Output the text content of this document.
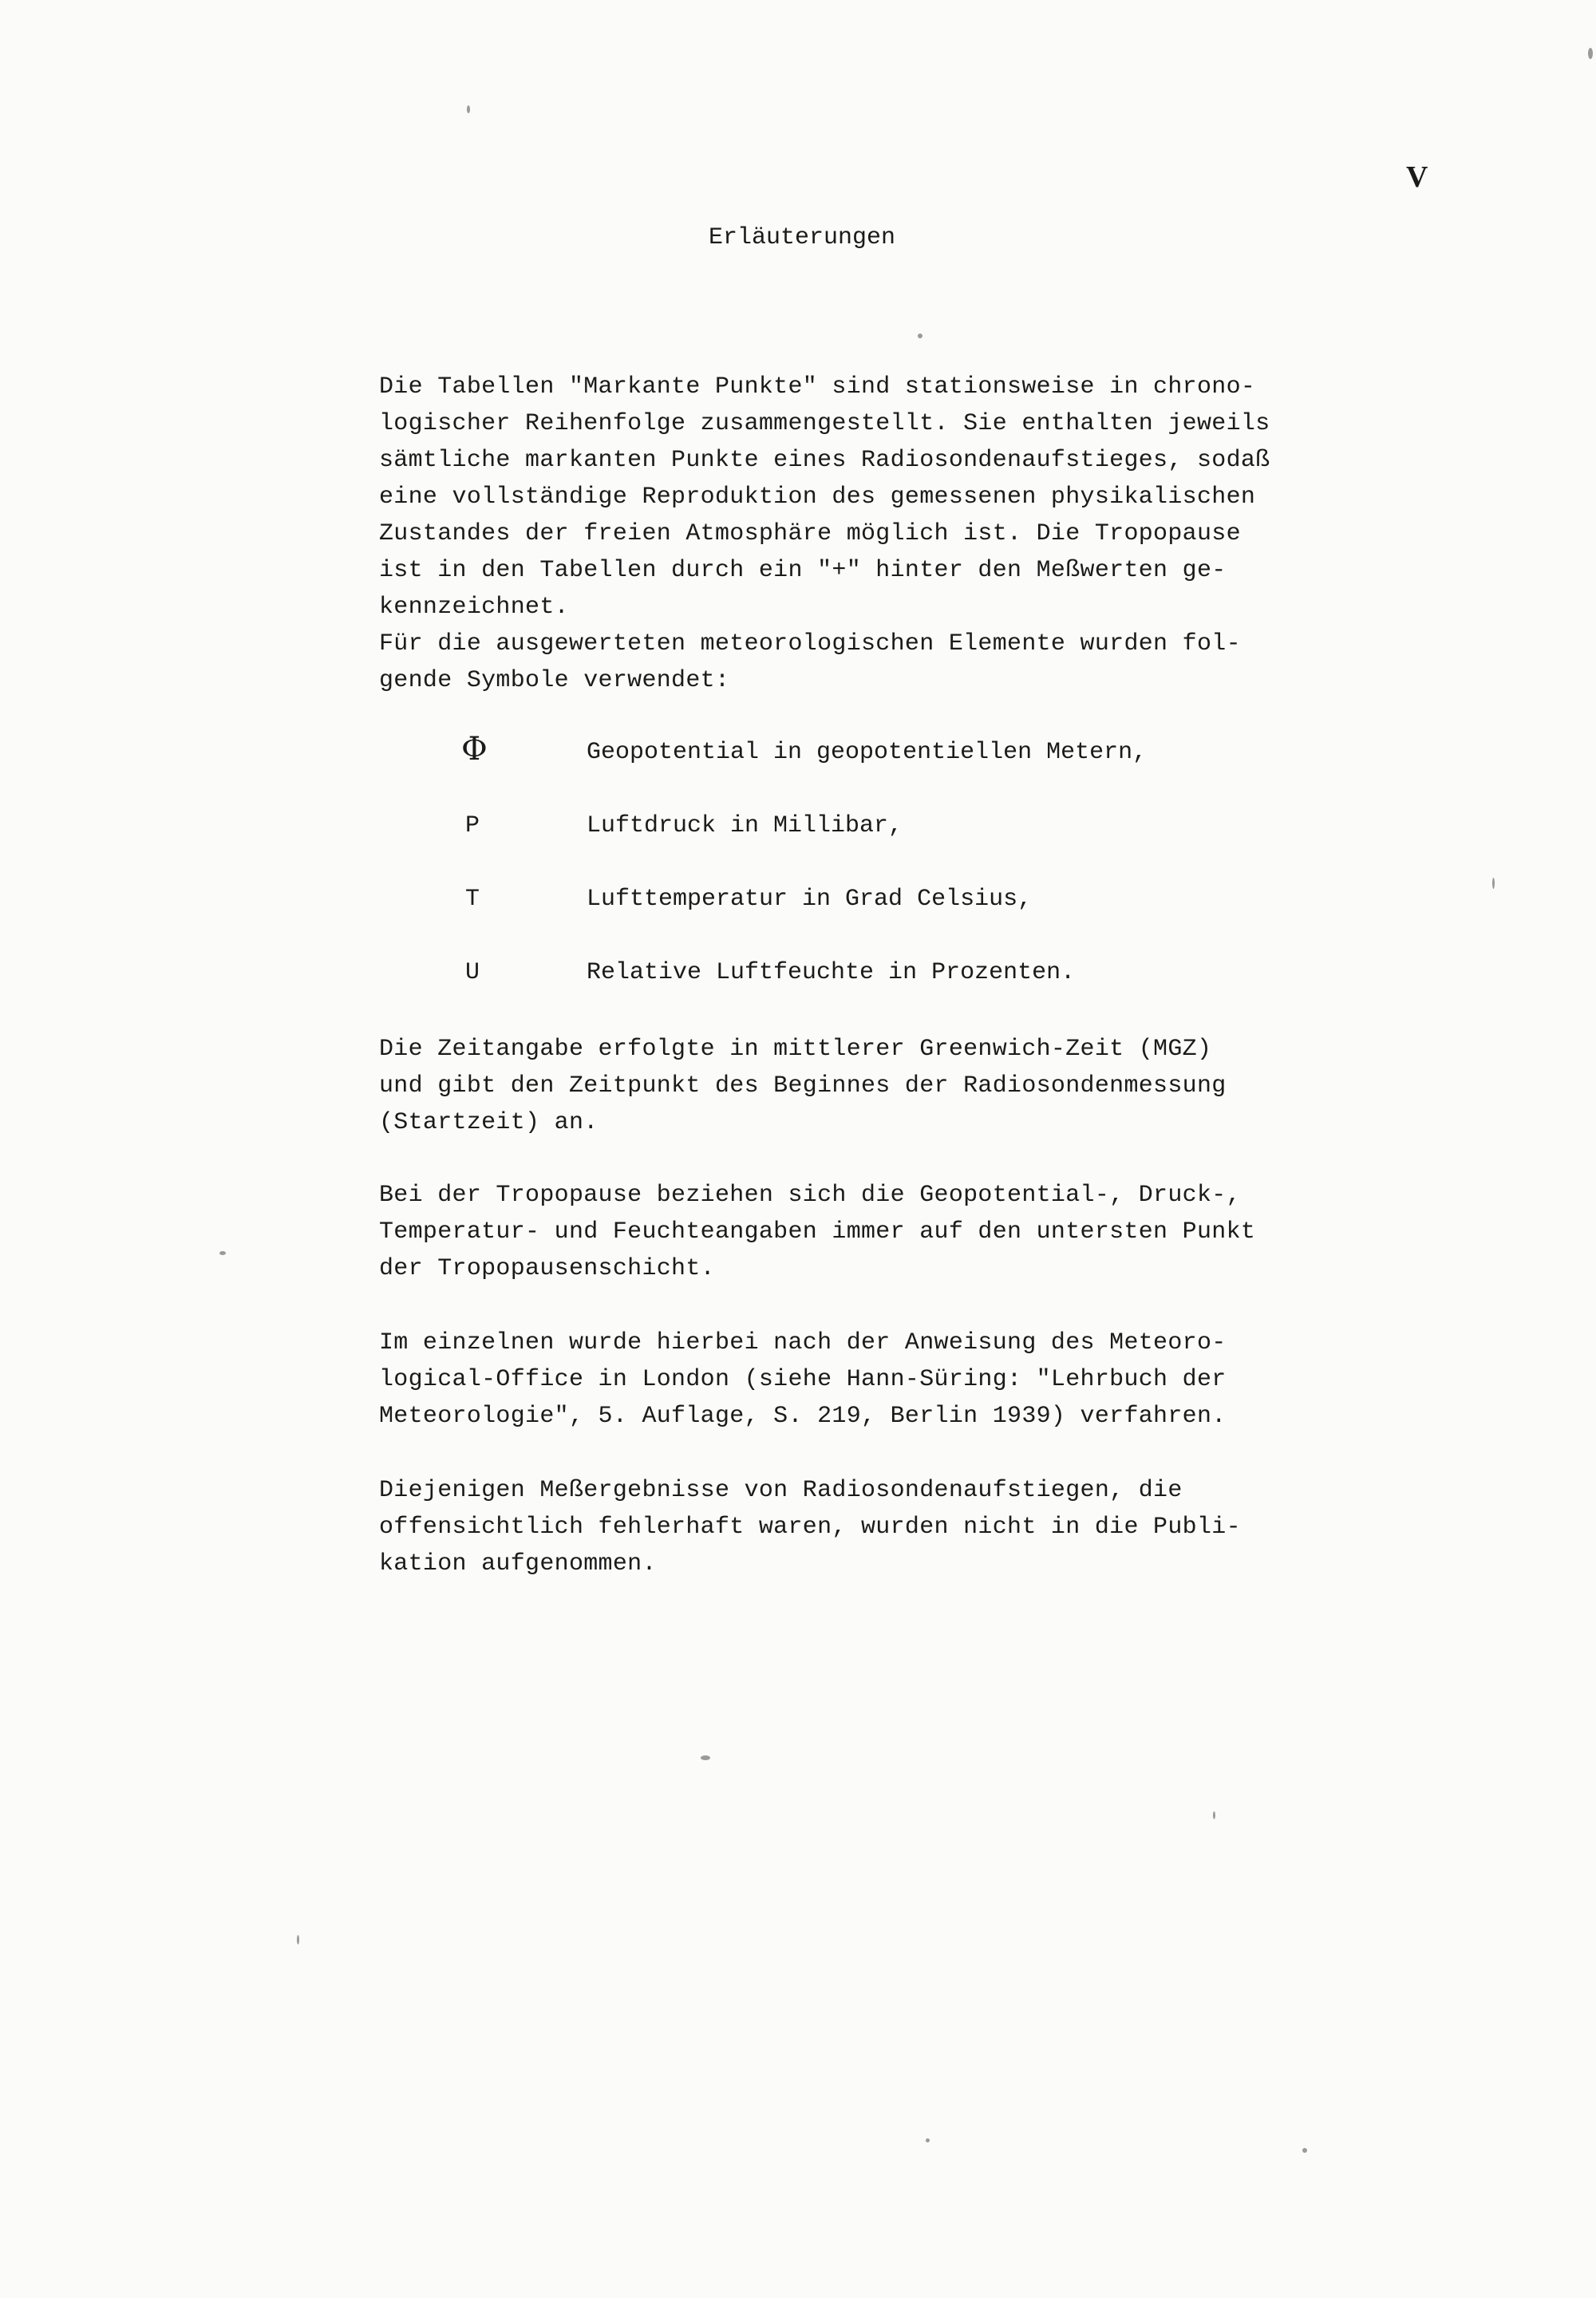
V
Erläuterungen
Die Tabellen "Markante Punkte" sind stationsweise in chrono-
logischer Reihenfolge zusammengestellt. Sie enthalten jeweils
sämtliche markanten Punkte eines Radiosondenaufstieges, sodaß
eine vollständige Reproduktion des gemessenen physikalischen
Zustandes der freien Atmosphäre möglich ist. Die Tropopause
ist in den Tabellen durch ein "+" hinter den Meßwerten ge-
kennzeichnet.
Für die ausgewerteten meteorologischen Elemente wurden fol-
gende Symbole verwendet:
Φ	Geopotential in geopotentiellen Metern,
P	Luftdruck in Millibar,
T	Lufttemperatur in Grad Celsius,
U	Relative Luftfeuchte in Prozenten.
Die Zeitangabe erfolgte in mittlerer Greenwich-Zeit (MGZ)
und gibt den Zeitpunkt des Beginnes der Radiosondenmessung
(Startzeit) an.
Bei der Tropopause beziehen sich die Geopotential-, Druck-,
Temperatur- und Feuchteangaben immer auf den untersten Punkt
der Tropopausenschicht.
Im einzelnen wurde hierbei nach der Anweisung des Meteoro-
logical-Office in London (siehe Hann-Süring: "Lehrbuch der
Meteorologie", 5. Auflage, S. 219, Berlin 1939) verfahren.
Diejenigen Meßergebnisse von Radiosondenaufstiegen, die
offensichtlich fehlerhaft waren, wurden nicht in die Publi-
kation aufgenommen.
